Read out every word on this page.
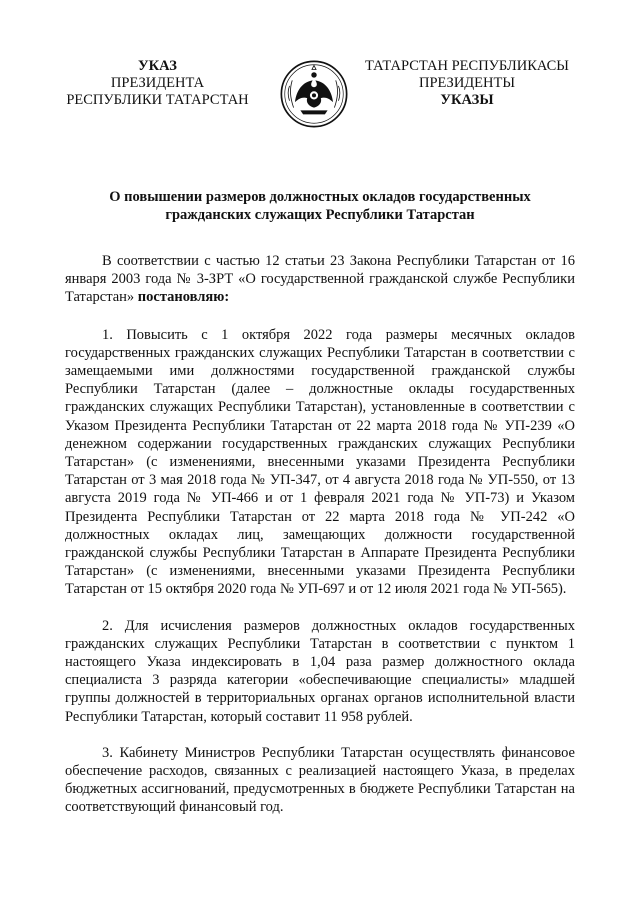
УКАЗ
ПРЕЗИДЕНТА
РЕСПУБЛИКИ ТАТАРСТАН
ТАТАРСТАН РЕСПУБЛИКАСЫ
ПРЕЗИДЕНТЫ
УКАЗЫ
О повышении размеров должностных окладов государственных
гражданских служащих Республики Татарстан

В соответствии с частью 12 статьи 23 Закона Республики Татарстан от 16 января 2003 года № 3-ЗРТ «О государственной гражданской службе Республики Татарстан» постановляю:

1. Повысить с 1 октября 2022 года размеры месячных окладов государственных гражданских служащих Республики Татарстан в соответствии с замещаемыми ими должностями государственной гражданской службы Республики Татарстан (далее – должностные оклады государственных гражданских служащих Республики Татарстан), установленные в соответствии с Указом Президента Республики Татарстан от 22 марта 2018 года № УП-239 «О денежном содержании государственных гражданских служащих Республики Татарстан» (с изменениями, внесенными указами Президента Республики Татарстан от 3 мая 2018 года № УП-347, от 4 августа 2018 года № УП-550, от 13 августа 2019 года № УП-466 и от 1 февраля 2021 года № УП-73) и Указом Президента Республики Татарстан от 22 марта 2018 года № УП-242 «О должностных окладах лиц, замещающих должности государственной гражданской службы Республики Татарстан в Аппарате Президента Республики Татарстан» (с изменениями, внесенными указами Президента Республики Татарстан от 15 октября 2020 года № УП-697 и от 12 июля 2021 года № УП-565).

2. Для исчисления размеров должностных окладов государственных гражданских служащих Республики Татарстан в соответствии с пунктом 1 настоящего Указа индексировать в 1,04 раза размер должностного оклада специалиста 3 разряда категории «обеспечивающие специалисты» младшей группы должностей в территориальных органах органов исполнительной власти Республики Татарстан, который составит 11 958 рублей.

3. Кабинету Министров Республики Татарстан осуществлять финансовое обеспечение расходов, связанных с реализацией настоящего Указа, в пределах бюджетных ассигнований, предусмотренных в бюджете Республики Татарстан на соответствующий финансовый год.
